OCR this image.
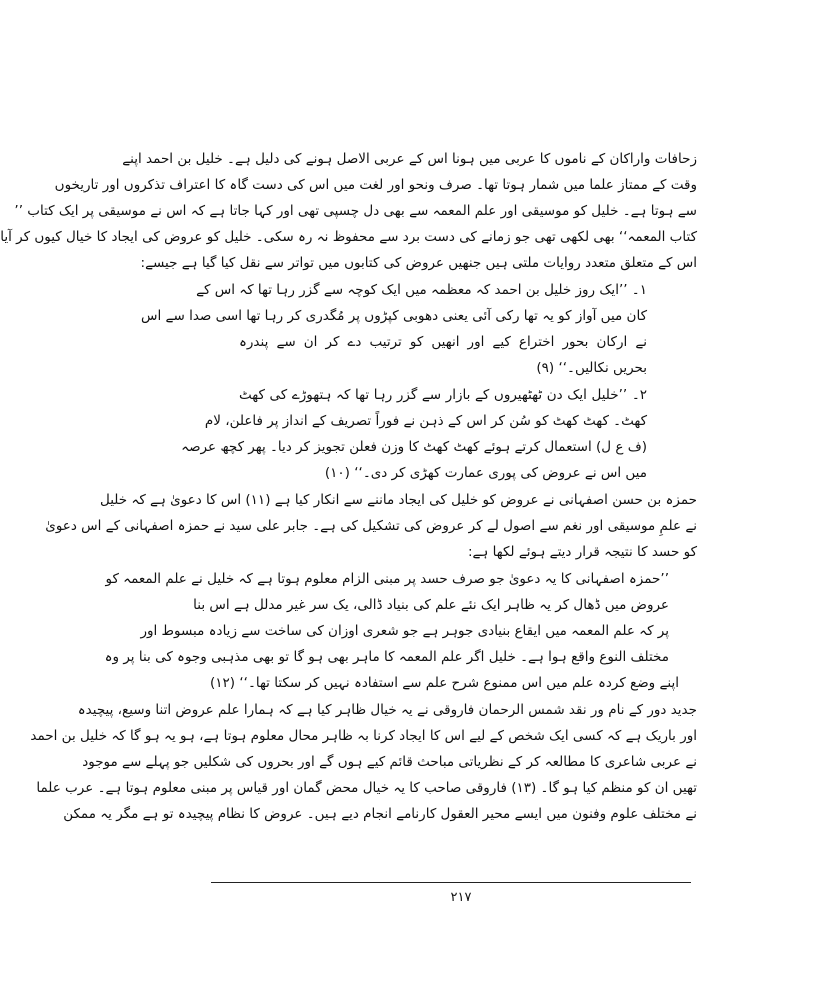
زحافات واراکان کے ناموں کا عربی میں ہونا اس کے عربی الاصل ہونے کی دلیل ہے۔ خلیل بن احمد اپنے
وقت کے ممتاز علما میں شمار ہوتا تھا۔ صرف ونحو اور لغت میں اس کی دست گاہ کا اعتراف تذکروں اور تاریخوں
سے ہوتا ہے۔ خلیل کو موسیقی اور علم المعمہ سے بھی دل چسپی تھی اور کہا جاتا ہے کہ اس نے موسیقی پر ایک کتاب ’’
کتاب المعمہ‘‘ بھی لکھی تھی جو زمانے کی دست برد سے محفوظ نہ رہ سکی۔ خلیل کو عروض کی ایجاد کا خیال کیوں کر آیا
اس کے متعلق متعدد روایات ملتی ہیں جنھیں عروض کی کتابوں میں تواتر سے نقل کیا گیا ہے جیسے:
۱۔ ’’ایک روز خلیل بن احمد کہ معظمہ میں ایک کوچہ سے گزر رہا تھا کہ اس کے
کان میں آواز کو یہ تھا رکی آئی یعنی دھوبی کپڑوں پر مُگدری کر رہا تھا اسی صدا سے اس
نے ارکان بحور اختراع کیے اور انھیں کو ترتیب دے کر ان سے پندرہ
بحریں نکالیں۔‘‘ (۹)
۲۔ ’’خلیل ایک دن ٹھٹھیروں کے بازار سے گزر رہا تھا کہ ہتھوڑے کی کھٹ
کھٹ۔ کھٹ کھٹ کو سُن کر اس کے ذہن نے فوراً تصریف کے انداز پر فاعلن، لام
(ف ع ل) استعمال کرتے ہوئے کھٹ کھٹ کا وزن فعلن تجویز کر دیا۔ پھر کچھ عرصہ
میں اس نے عروض کی پوری عمارت کھڑی کر دی۔‘‘ (۱۰)
حمزہ بن حسن اصفہانی نے عروض کو خلیل کی ایجاد ماننے سے انکار کیا ہے (۱۱) اس کا دعویٰ ہے کہ خلیل
نے علمِ موسیقی اور نغم سے اصول لے کر عروض کی تشکیل کی ہے۔ جابر علی سید نے حمزہ اصفہانی کے اس دعویٰ
کو حسد کا نتیجہ قرار دیتے ہوئے لکھا ہے:
’’حمزہ اصفہانی کا یہ دعویٰ جو صرف حسد پر مبنی الزام معلوم ہوتا ہے کہ خلیل نے علم المعمہ کو
عروض میں ڈھال کر یہ ظاہر ایک نئے علم کی بنیاد ڈالی، یک سر غیر مدلل ہے اس بنا
پر کہ علم المعمہ میں ایقاع بنیادی جوہر ہے جو شعری اوزان کی ساخت سے زیادہ مبسوط اور
مختلف النوع واقع ہوا ہے۔ خلیل اگر علم المعمہ کا ماہر بھی ہو گا تو بھی مذہبی وجوہ کی بنا پر وہ
اپنے وضع کردہ علم میں اس ممنوع شرح علم سے استفادہ نہیں کر سکتا تھا۔‘‘ (۱۲)
جدید دور کے نام ور نقد شمس الرحمان فاروقی نے یہ خیال ظاہر کیا ہے کہ ہمارا علم عروض اتنا وسیع، پیچیدہ
اور باریک ہے کہ کسی ایک شخص کے لیے اس کا ایجاد کرنا بہ ظاہر محال معلوم ہوتا ہے، ہو یہ ہو گا کہ خلیل بن احمد
نے عربی شاعری کا مطالعہ کر کے نظریاتی مباحث قائم کیے ہوں گے اور بحروں کی شکلیں جو پہلے سے موجود
تھیں ان کو منظم کیا ہو گا۔ (۱۳) فاروقی صاحب کا یہ خیال محض گمان اور قیاس پر مبنی معلوم ہوتا ہے۔ عرب علما
نے مختلف علوم وفنون میں ایسے محیر العقول کارنامے انجام دیے ہیں۔ عروض کا نظام پیچیدہ تو ہے مگر یہ ممکن
۲۱۷
